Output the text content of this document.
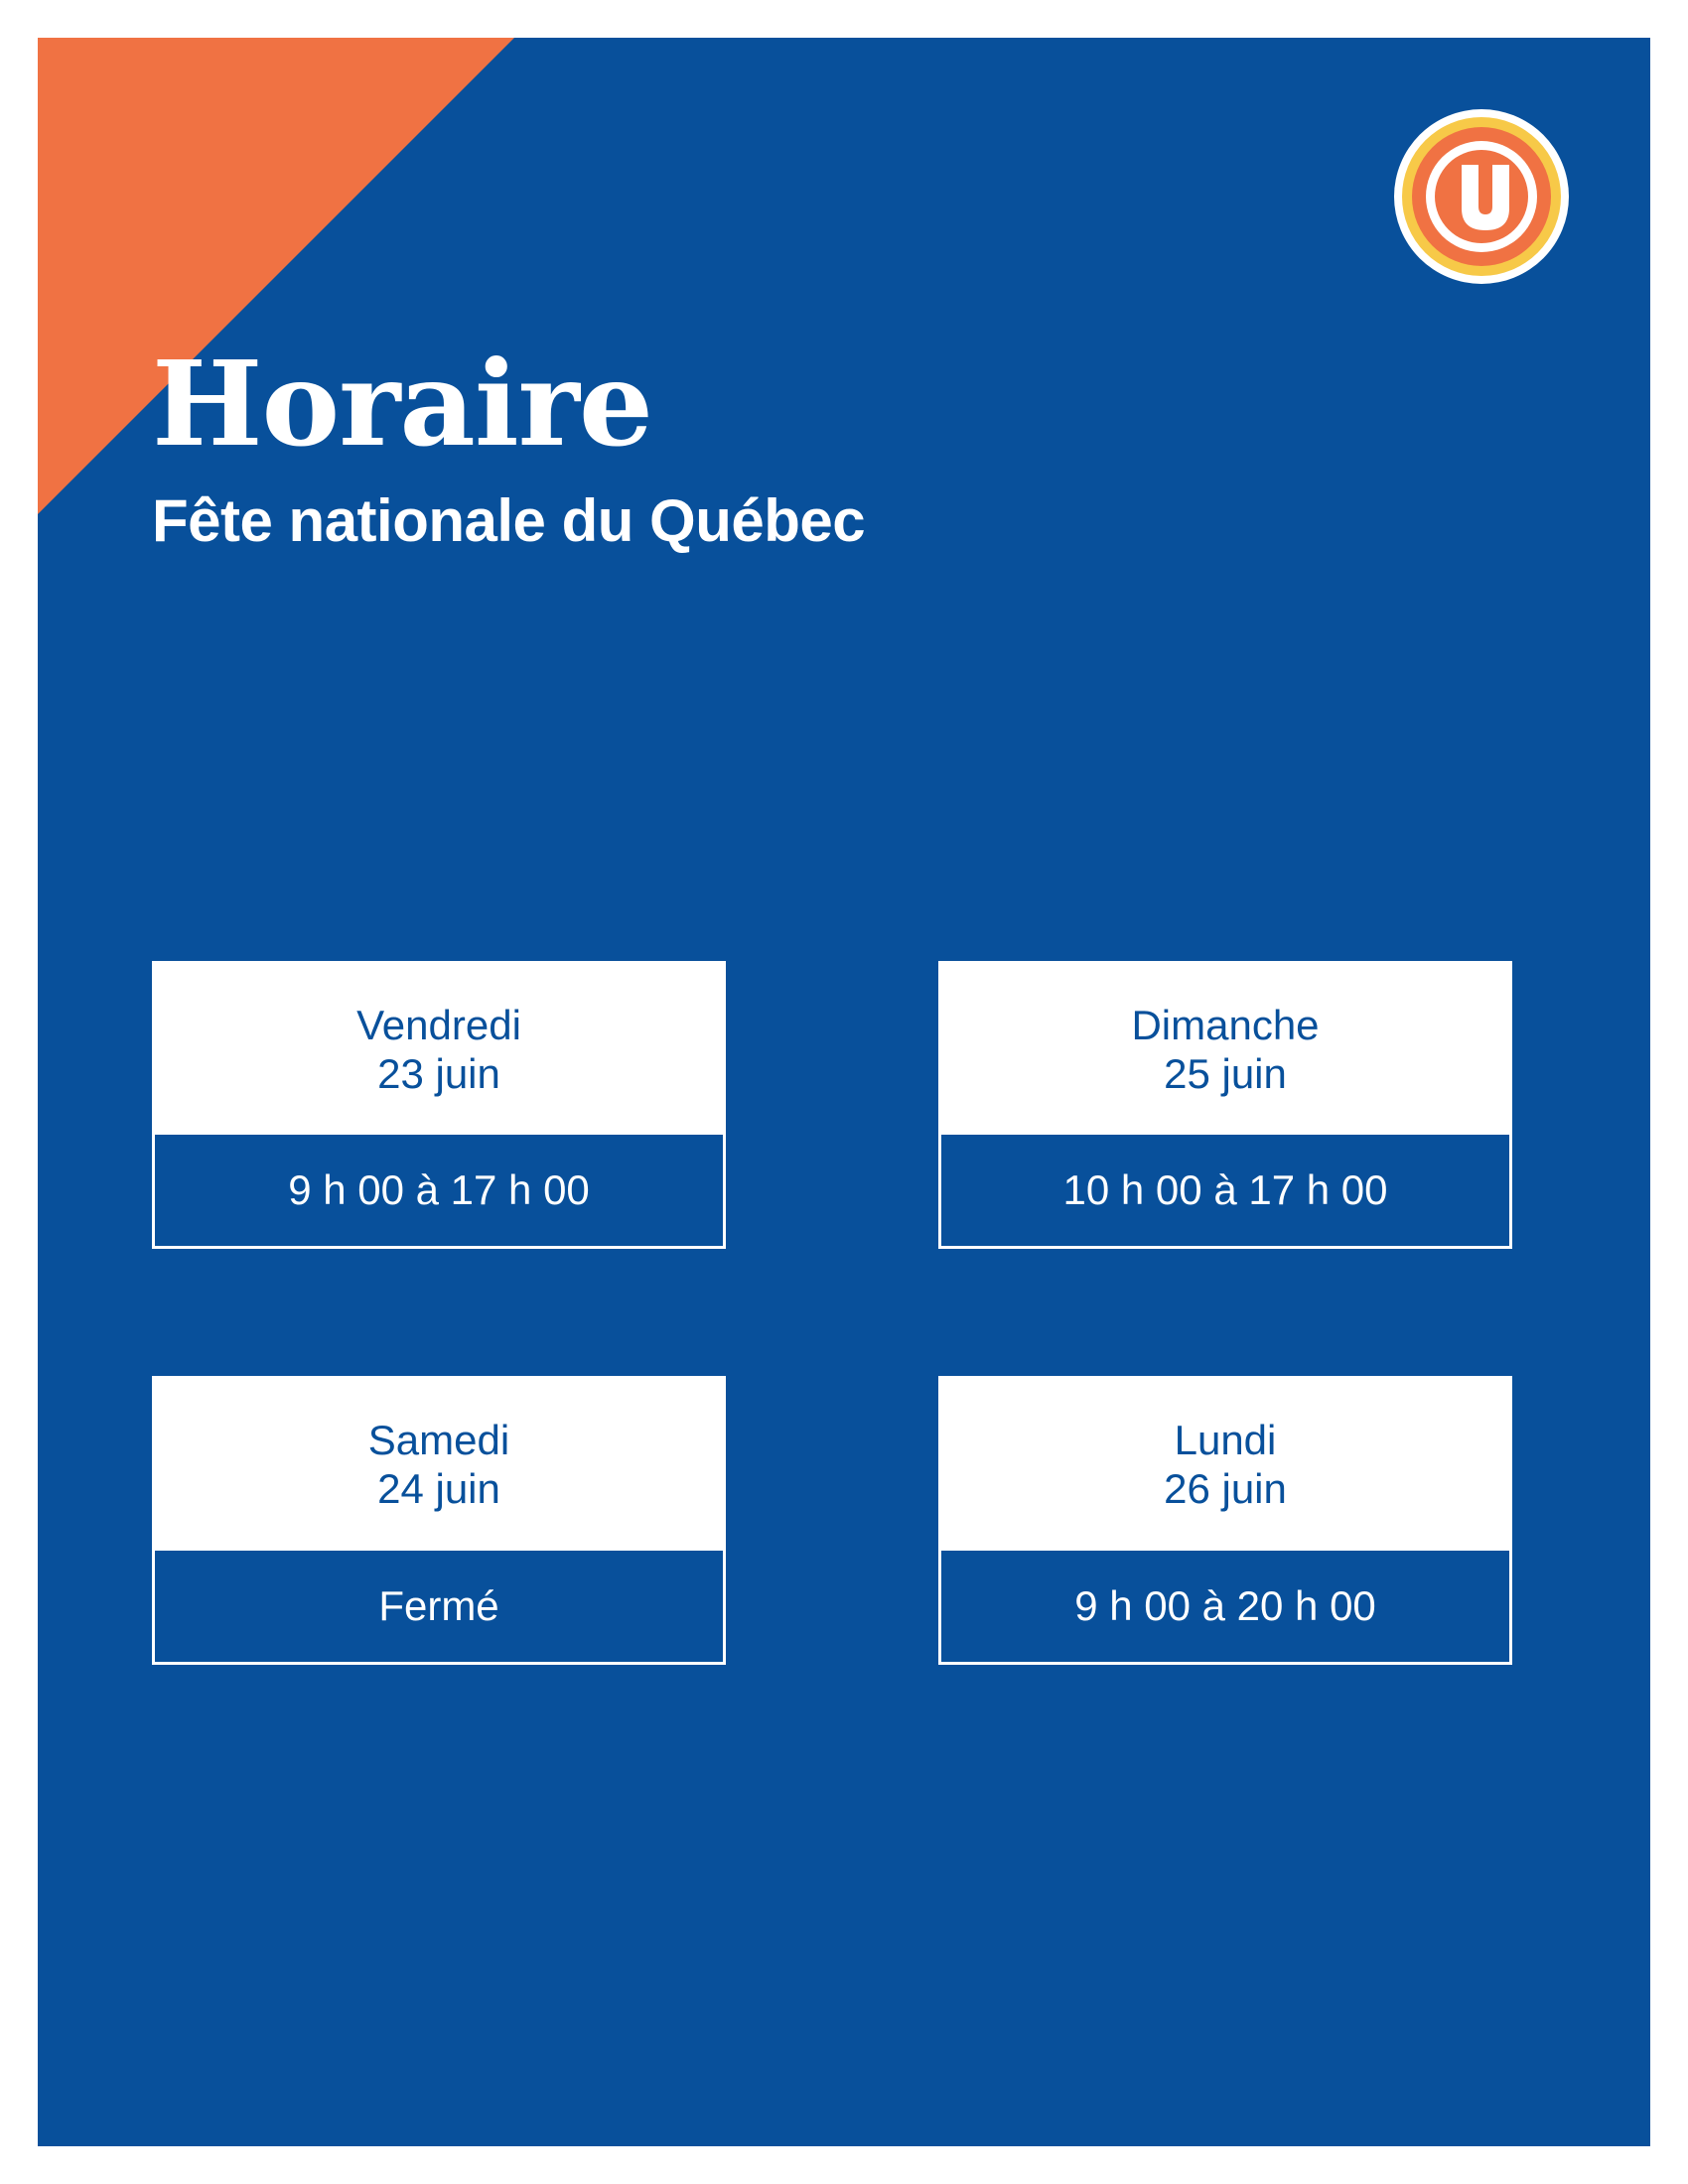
Horaire
Fête nationale du Québec
Vendredi
23 juin
9 h 00 à 17 h 00
Dimanche
25 juin
10 h 00 à 17 h 00
Samedi
24 juin
Fermé
Lundi
26 juin
9 h 00 à 20 h 00
